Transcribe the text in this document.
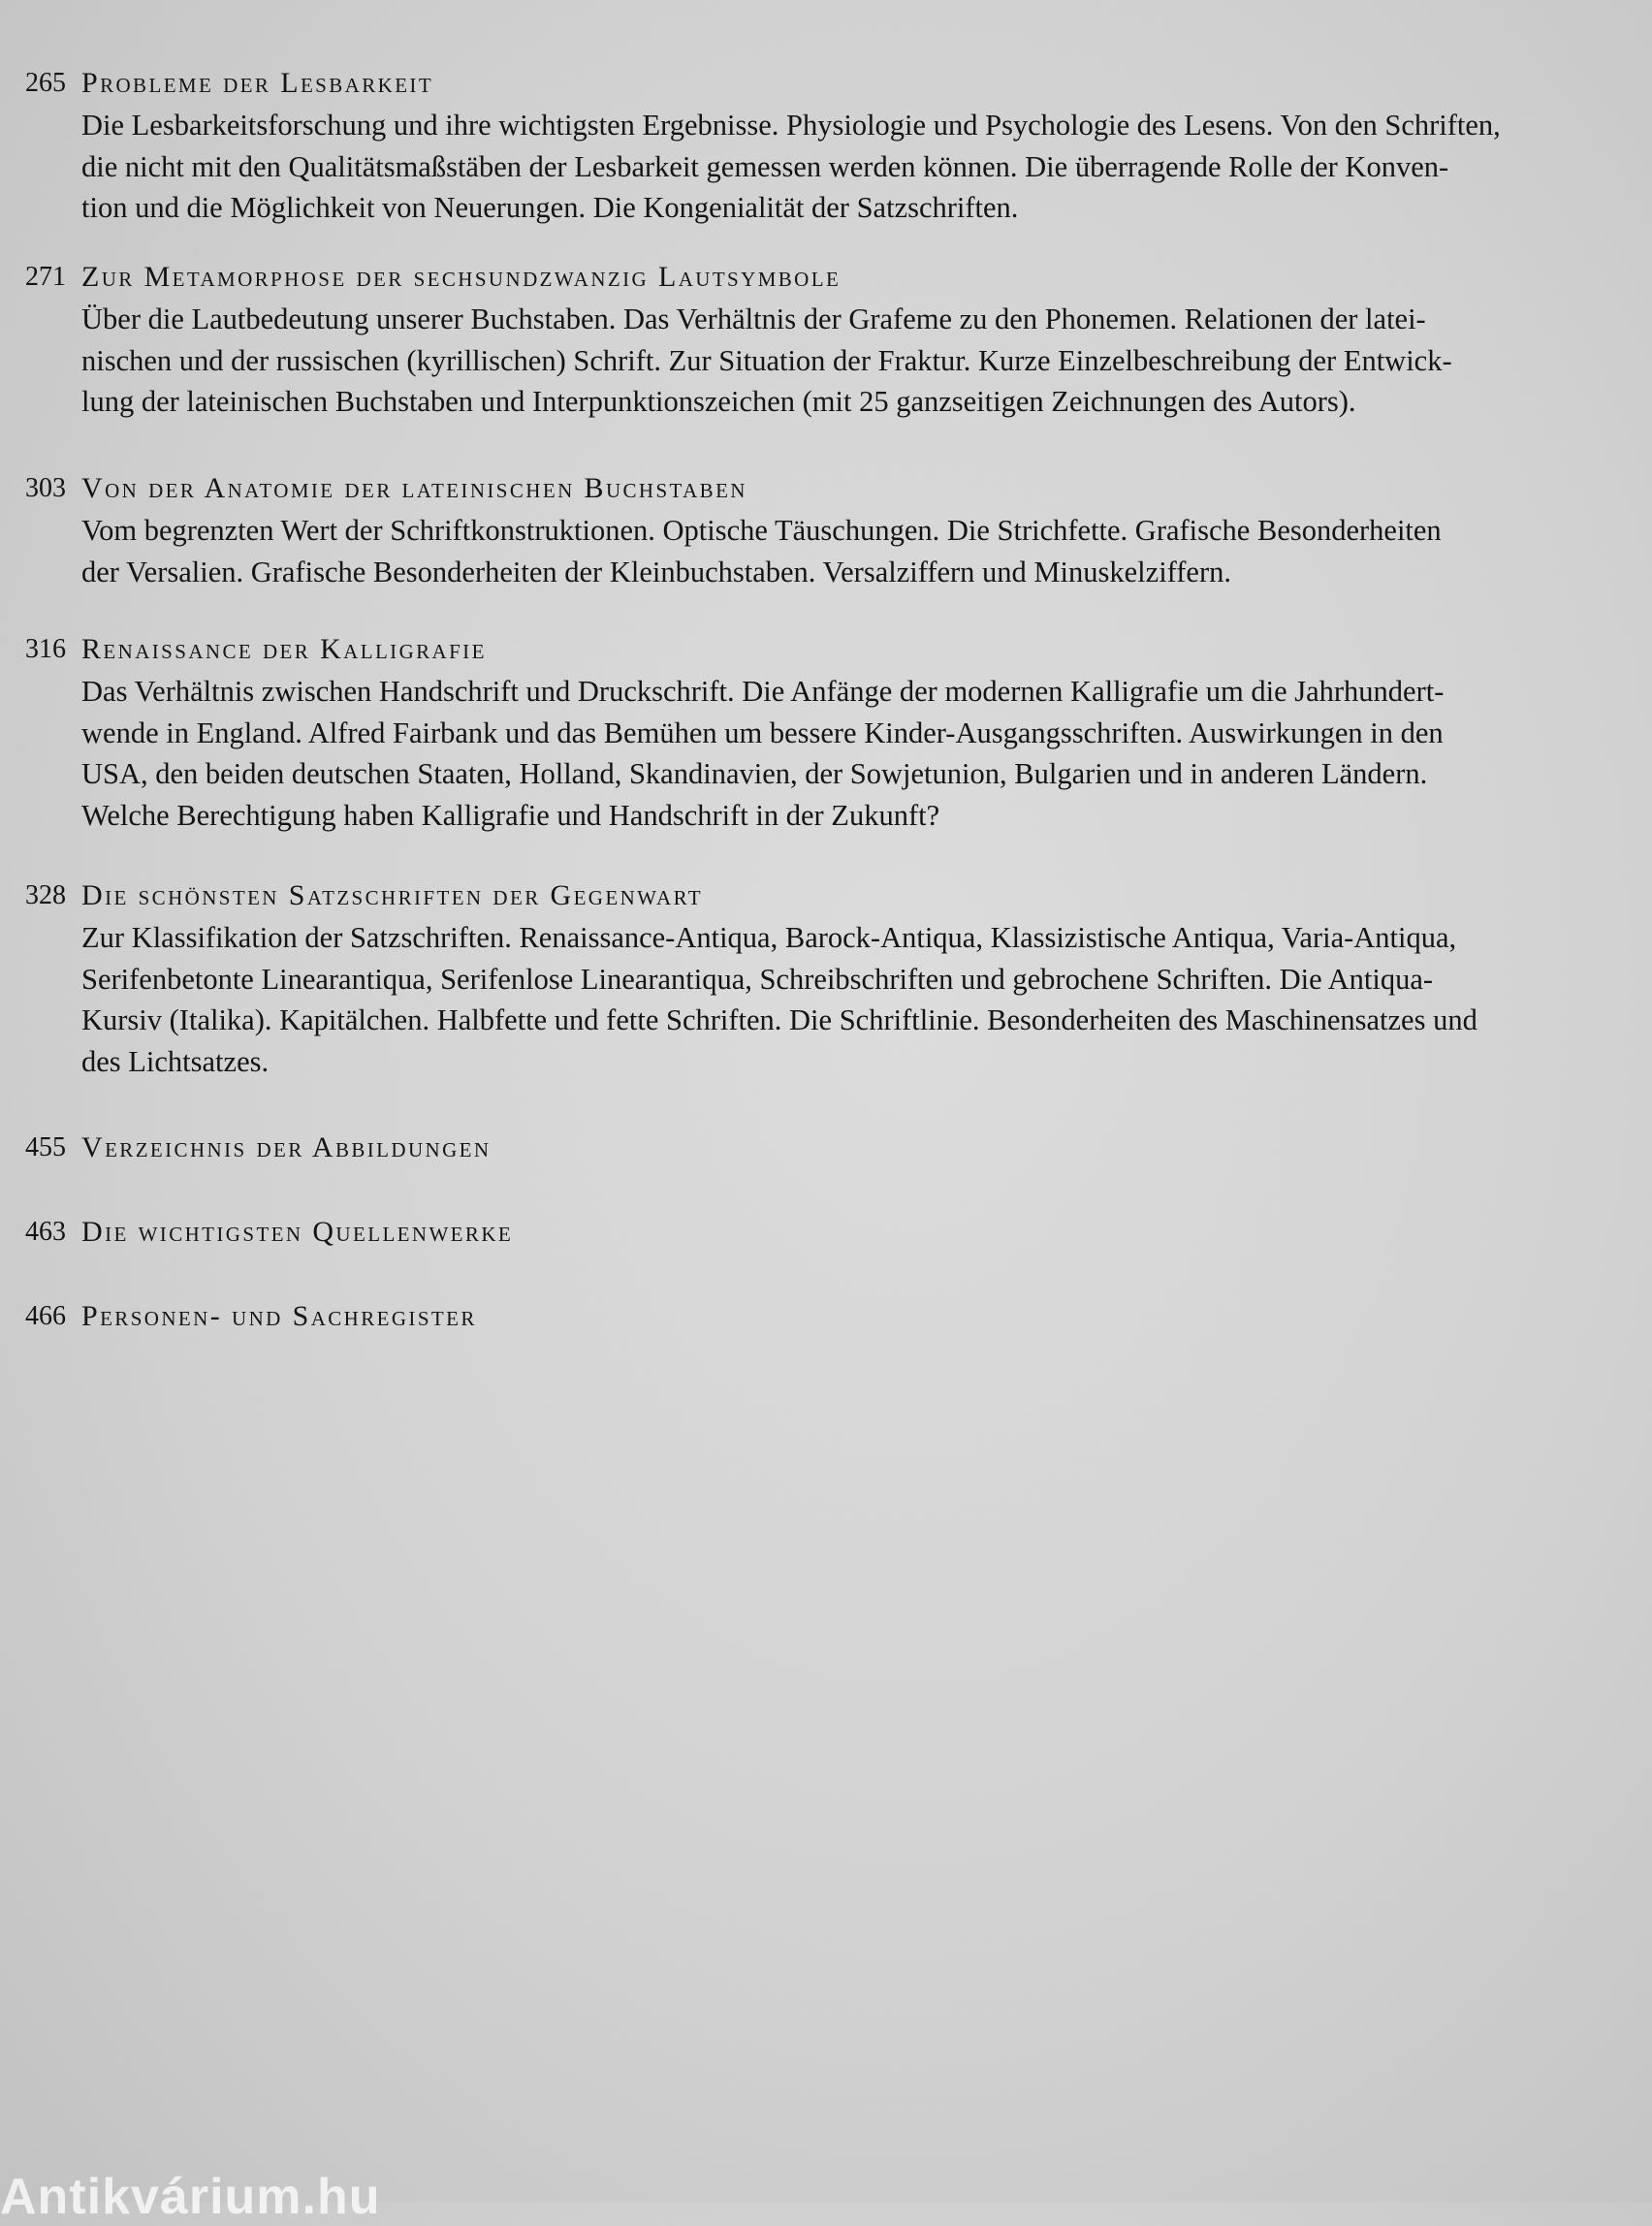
265 Probleme der Lesbarkeit
Die Lesbarkeitsforschung und ihre wichtigsten Ergebnisse. Physiologie und Psychologie des Lesens. Von den Schriften,
die nicht mit den Qualitätsmaßstäben der Lesbarkeit gemessen werden können. Die überragende Rolle der Konven-
tion und die Möglichkeit von Neuerungen. Die Kongenialität der Satzschriften.
271 Zur Metamorphose der sechsundzwanzig Lautsymbole
Über die Lautbedeutung unserer Buchstaben. Das Verhältnis der Grafeme zu den Phonemen. Relationen der latei-
nischen und der russischen (kyrillischen) Schrift. Zur Situation der Fraktur. Kurze Einzelbeschreibung der Entwick-
lung der lateinischen Buchstaben und Interpunktionszeichen (mit 25 ganzseitigen Zeichnungen des Autors).
303 Von der Anatomie der lateinischen Buchstaben
Vom begrenzten Wert der Schriftkonstruktionen. Optische Täuschungen. Die Strichfette. Grafische Besonderheiten
der Versalien. Grafische Besonderheiten der Kleinbuchstaben. Versalziffern und Minuskelziffern.
316 Renaissance der Kalligrafie
Das Verhältnis zwischen Handschrift und Druckschrift. Die Anfänge der modernen Kalligrafie um die Jahrhundert-
wende in England. Alfred Fairbank und das Bemühen um bessere Kinder-Ausgangsschriften. Auswirkungen in den
USA, den beiden deutschen Staaten, Holland, Skandinavien, der Sowjetunion, Bulgarien und in anderen Ländern.
Welche Berechtigung haben Kalligrafie und Handschrift in der Zukunft?
328 Die schönsten Satzschriften der Gegenwart
Zur Klassifikation der Satzschriften. Renaissance-Antiqua, Barock-Antiqua, Klassizistische Antiqua, Varia-Antiqua,
Serifenbetonte Linearantiqua, Serifenlose Linearantiqua, Schreibschriften und gebrochene Schriften. Die Antiqua-
Kursiv (Italika). Kapitälchen. Halbfette und fette Schriften. Die Schriftlinie. Besonderheiten des Maschinensatzes und
des Lichtsatzes.
455 Verzeichnis der Abbildungen
463 Die wichtigsten Quellenwerke
466 Personen- und Sachregister
Antikvárium.hu
